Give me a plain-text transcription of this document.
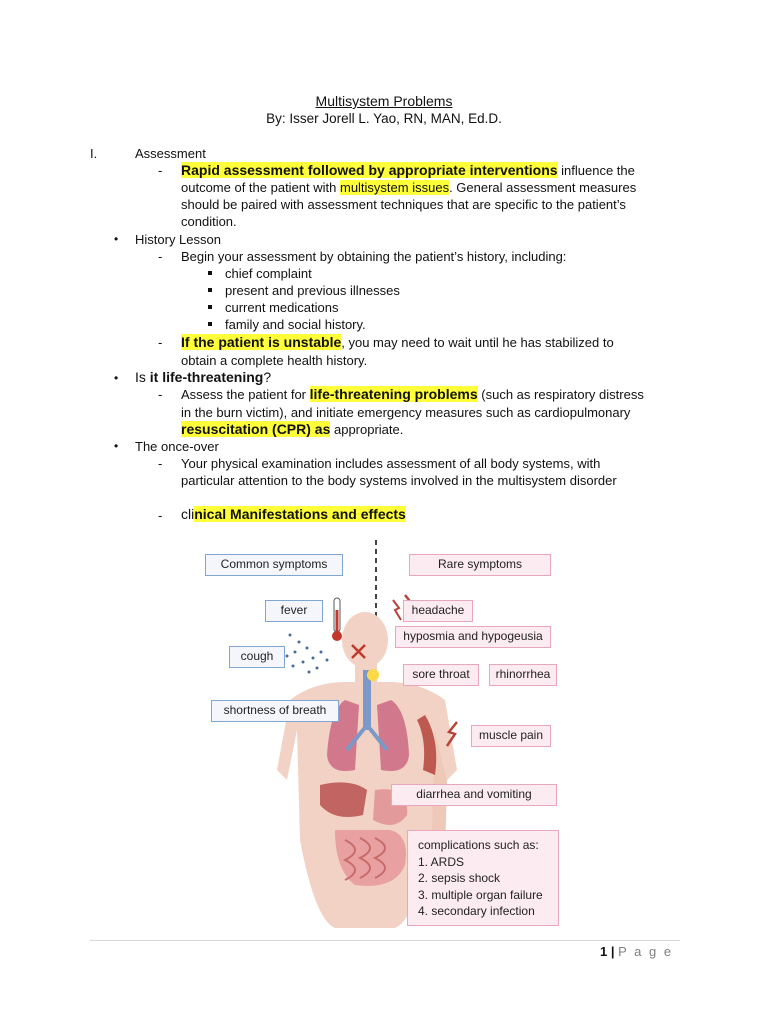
Multisystem Problems
By: Isser Jorell L. Yao, RN, MAN, Ed.D.
I.	Assessment
- Rapid assessment followed by appropriate interventions influence the
outcome of the patient with multisystem issues. General assessment measures
should be paired with assessment techniques that are specific to the patient’s
condition.
• History Lesson
- Begin your assessment by obtaining the patient’s history, including:
chief complaint
present and previous illnesses
current medications
family and social history.
- If the patient is unstable, you may need to wait until he has stabilized to
obtain a complete health history.
• Is it life-threatening?
- Assess the patient for life-threatening problems (such as respiratory distress
in the burn victim), and initiate emergency measures such as cardiopulmonary
resuscitation (CPR) as appropriate.
• The once-over
- Your physical examination includes assessment of all body systems, with
particular attention to the body systems involved in the multisystem disorder
- clinical Manifestations and effects
Common symptoms	Rare symptoms
fever
cough
shortness of breath
headache
hyposmia and hypogeusia
sore throat	rhinorrhea
muscle pain
diarrhea and vomiting
complications such as:
1. ARDS
2. sepsis shock
3. multiple organ failure
4. secondary infection
1 | P a g e
